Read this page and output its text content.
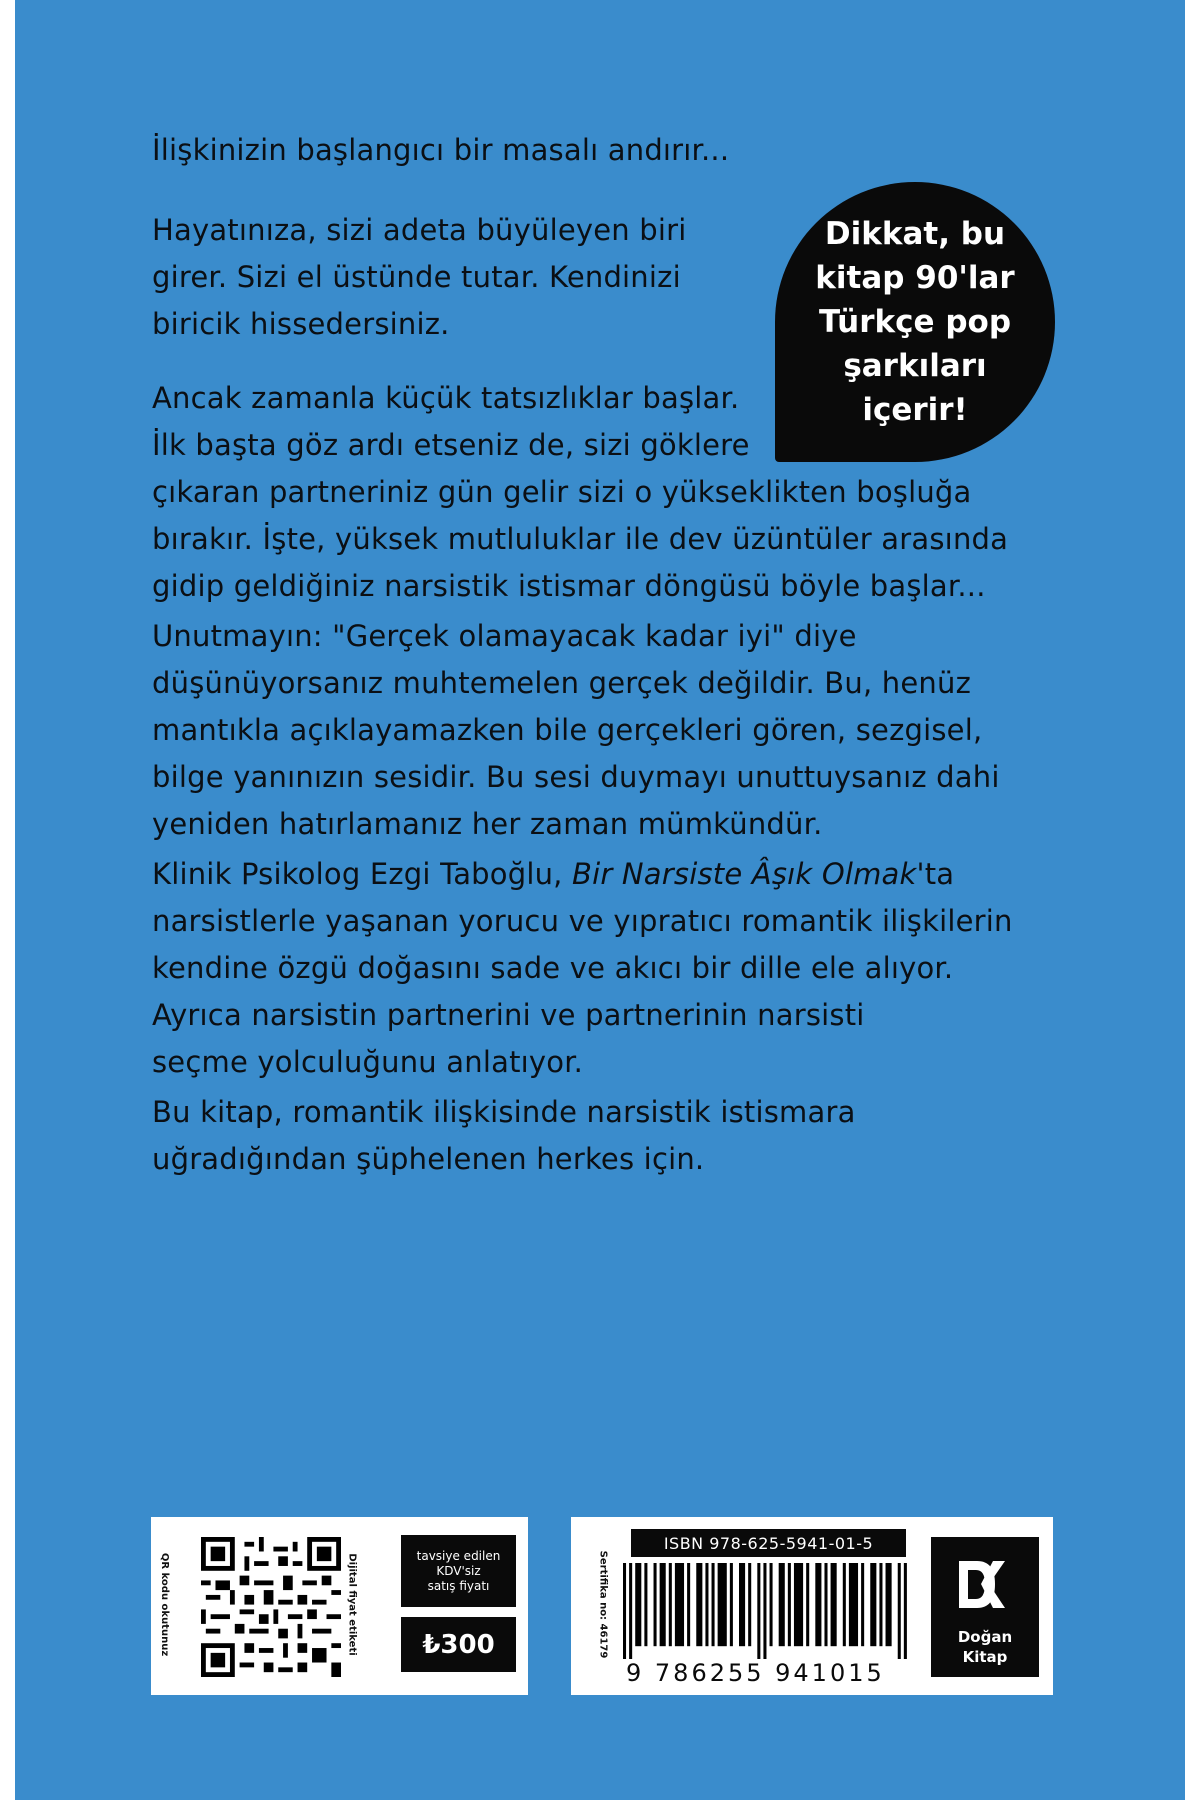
İlişkinizin başlangıcı bir masalı andırır...

Hayatınıza, sizi adeta büyüleyen biri
girer. Sizi el üstünde tutar. Kendinizi
biricik hissedersiniz.

Ancak zamanla küçük tatsızlıklar başlar.
İlk başta göz ardı etseniz de, sizi göklere
çıkaran partneriniz gün gelir sizi o yükseklikten boşluğa
bırakır. İşte, yüksek mutluluklar ile dev üzüntüler arasında
gidip geldiğiniz narsistik istismar döngüsü böyle başlar...

Unutmayın: "Gerçek olamayacak kadar iyi" diye
düşünüyorsanız muhtemelen gerçek değildir. Bu, henüz
mantıkla açıklayamazken bile gerçekleri gören, sezgisel,
bilge yanınızın sesidir. Bu sesi duymayı unuttuysanız dahi
yeniden hatırlamanız her zaman mümkündür.

Klinik Psikolog Ezgi Taboğlu, Bir Narsiste Âşık Olmak'ta
narsistlerle yaşanan yorucu ve yıpratıcı romantik ilişkilerin
kendine özgü doğasını sade ve akıcı bir dille ele alıyor.
Ayrıca narsistin partnerini ve partnerinin narsisti
seçme yolculuğunu anlatıyor.

Bu kitap, romantik ilişkisinde narsistik istismara
uğradığından şüphelenen herkes için.

Dikkat, bu
kitap 90'lar
Türkçe pop
şarkıları
içerir!

QR kodu okutunuz	Dijital fiyat etiketi	tavsiye edilen
KDV'siz
satış fiyatı
₺300	Sertifika no: 46179
ISBN 978-625-5941-01-5

9 786255 941015

Doğan
Kitap
